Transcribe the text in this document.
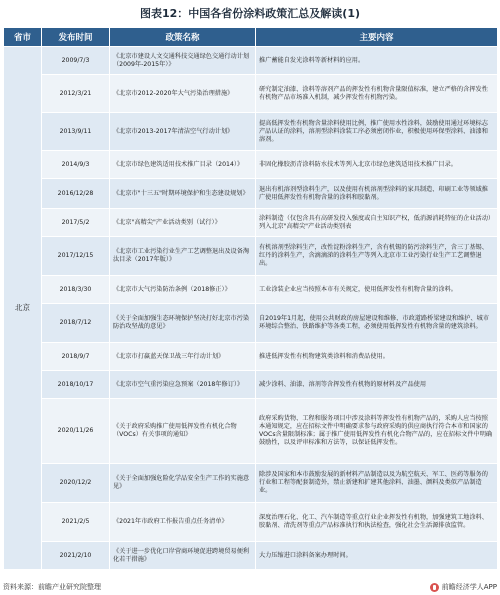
图表12：中国各省份涂料政策汇总及解读(1)
省市	发布时间	政策名称	主要内容
北京	2009/7/3	《北京市建设人文交通科技交通绿色交通行动计划（2009年-2015年）》	推广蓄能自发光涂料等新材料的应用。
	2012/3/21	《北京市2012-2020年大气污染治理措施》	研究制定油漆、涂料等溶剂产品的挥发性有机物含量限值标准，建立严格的含挥发性有机物产品市场准入机制，减少挥发性有机物污染。
	2013/9/11	《北京市2013-2017年清洁空气行动计划》	提高低挥发性有机物含量涂料使用比例，推广使用水性涂料，鼓励使用通过环境标志产品认证的涂料，溶剂型涂料涂装工序必须密闭作业，积极使用环保型涂料、油漆和溶剂。
	2014/9/3	《北京市绿色建筑适用技术推广目录（2014）》	非固化橡胶沥青涂料防水技术等列入北京市绿色建筑适用技术推广目录。
	2016/12/28	《北京市"十三五"时期环境保护和生态建设规划》	退出有机溶剂型涂料生产，以及使用有机溶剂型涂料的家具制造、印刷工业等领域推广使用低挥发性有机物含量的涂料和胶黏剂。
	2017/5/2	《北京"高精尖"产业活动类别（试行）》	涂料制造（仅包含具有高研发投入强度或自主知识产权，低消源消耗特征的企业活动）列入北京"高精尖"产业活动类别表
	2017/12/15	《北京市工业污染行业生产工艺调整退出及设备淘汰目录（2017年版）》	有机溶剂型涂料生产，改性淀粉涂料生产，含有机锡的防污涂料生产，含三丁基锡、红丹的涂料生产，含滴滴涕的涂料生产等列入北京市工业污染行业生产工艺调整退出。
	2018/3/30	《北京市大气污染防治条例（2018修正）》	工业涂装企业应当按照本市有关规定，使用低挥发性有机物含量的涂料。
	2018/7/12	《关于全面加强生态环境保护坚决打好北京市污染防治攻坚战的意见》	自2019年1月起，使用公共财政的房屋建设和维修、市政道路桥梁建设和维护、城市环境综合整治、铁路维护等各类工程，必须使用低挥发性有机物含量的建筑涂料。
	2018/9/7	《北京市打赢蓝天保卫战三年行动计划》	推进低挥发性有机物建筑类涂料和消费品使用。
	2018/10/17	《北京市空气重污染应急预案（2018年修订）》	减少涂料、油漆、溶剂等含挥发性有机物的原材料及产品使用
	2020/11/26	《关于政府采购推广使用低挥发性有机化合物（VOCs）有关事项的通知》	政府采购货物、工程和服务项目中涉及涂料等挥发性有机物产品的，采购人应当按照本通知规定，应在招标文件中明确要求参与政府采购的供应商执行符合本市和国家的VOCs含量限制标准；属于推广使用低挥发性有机化合物产品的，应在招标文件中明确鼓励性，以及评审标准和方法等，以保证低挥发性。
	2020/12/2	《关于全面加强危险化学品安全生产工作的实施意见》	除涉及国家和本市鼓励发展的新材料产品制造以及为航空航天、军工、医药等服务的行业和工程等配套制造外，禁止新建和扩建其他涂料、油墨、颜料及类似产品制造业。
	2021/2/5	《2021年市政府工作报告重点任务清单》	深度治理石化、化工、汽车制造等重点行业企业挥发性有机物，加强建筑工地涂料、胶黏剂、清洗剂等重点产品标准执行和执法检查，强化社会生活源排放监管。
	2021/2/10	《关于进一步优化口岸营商环境促进跨境贸易便利化若干措施》	大力压缩进口涂料备案办理时间。
资料来源：前瞻产业研究院整理	前瞻经济学人APP
